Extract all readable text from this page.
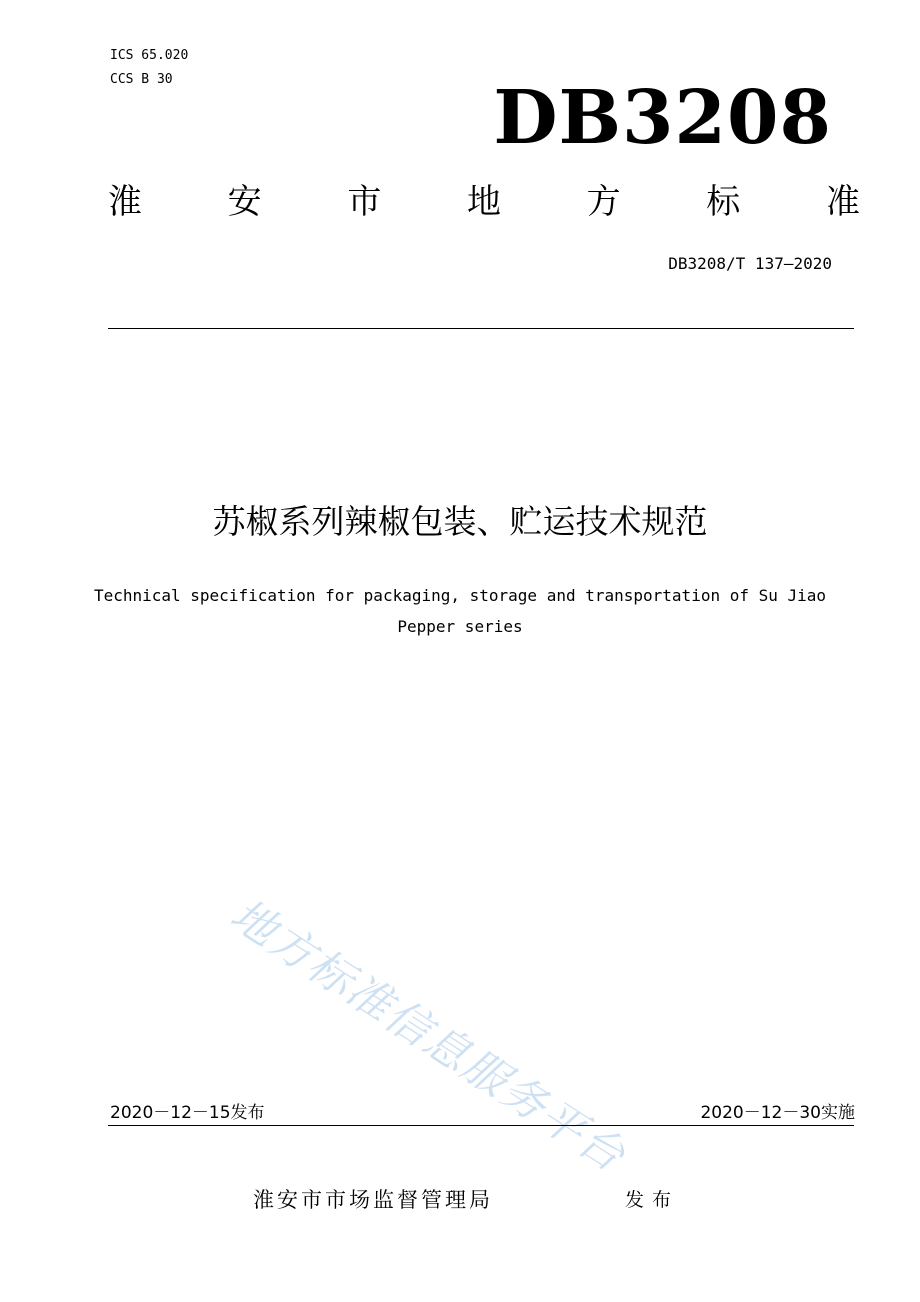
ICS 65.020
CCS B 30	DB3208
淮	安	市	地	方	标	准
DB3208/T 137—2020
苏椒系列辣椒包装、贮运技术规范
Technical specification for packaging, storage and transportation of Su Jiao Pepper series
地方标准信息服务平台
2020－12－15发布	2020－12－30实施
淮安市市场监督管理局	发布
